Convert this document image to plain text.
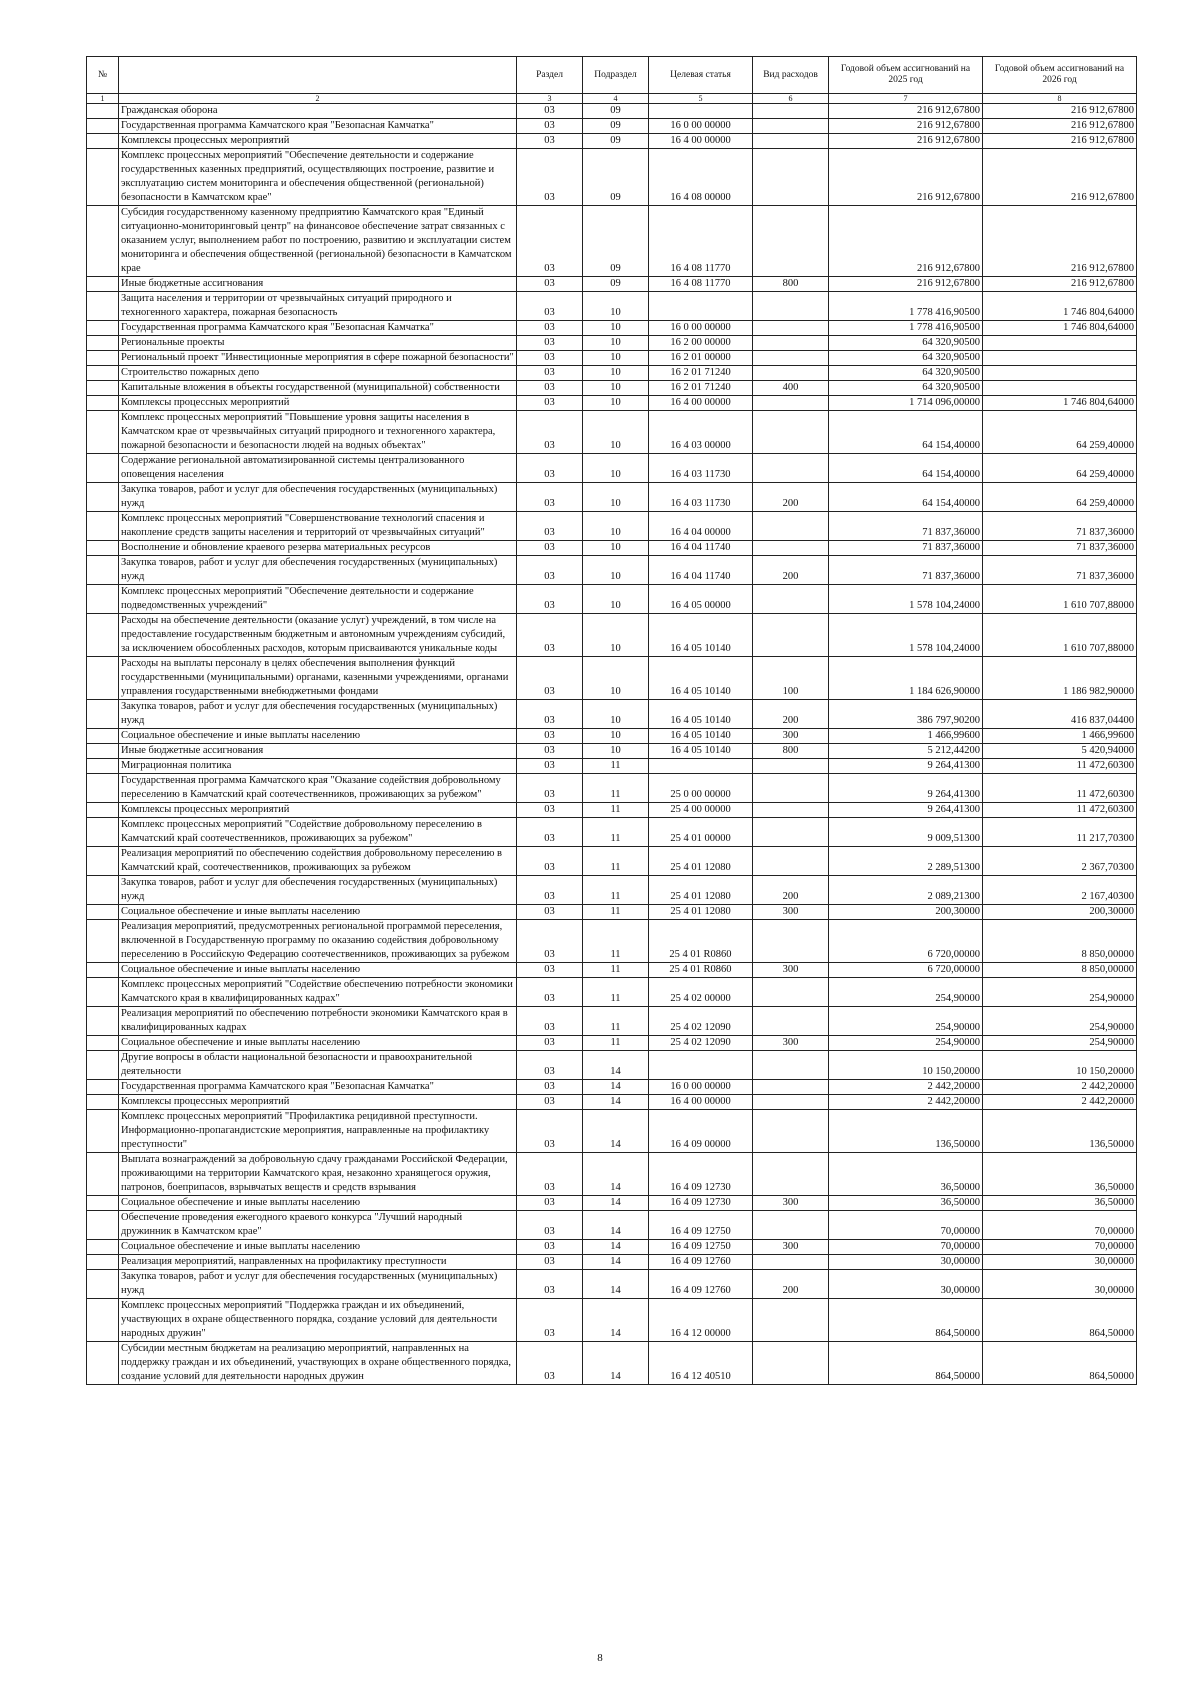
№		Раздел	Подраздел	Целевая статья	Вид расходов	Годовой объем ассигнований на 2025 год	Годовой объем ассигнований на 2026 год
1	2	3	4	5	6	7	8
	Гражданская оборона	03	09			216 912,67800	216 912,67800
	Государственная программа Камчатского края "Безопасная Камчатка"	03	09	16 0 00 00000		216 912,67800	216 912,67800
	Комплексы процессных мероприятий	03	09	16 4 00 00000		216 912,67800	216 912,67800
	Комплекс процессных мероприятий "Обеспечение деятельности и содержание государственных казенных предприятий, осуществляющих построение, развитие и эксплуатацию систем мониторинга и обеспечения общественной (региональной) безопасности в Камчатском крае"	03	09	16 4 08 00000		216 912,67800	216 912,67800
	Субсидия государственному казенному предприятию Камчатского края "Единый ситуационно-мониторинговый центр" на финансовое обеспечение затрат связанных с оказанием услуг, выполнением работ по построению, развитию и эксплуатации систем мониторинга и обеспечения общественной (региональной) безопасности в Камчатском крае	03	09	16 4 08 11770		216 912,67800	216 912,67800
	Иные бюджетные ассигнования	03	09	16 4 08 11770	800	216 912,67800	216 912,67800
	Защита населения и территории от чрезвычайных ситуаций природного и техногенного характера, пожарная безопасность	03	10			1 778 416,90500	1 746 804,64000
	Государственная программа Камчатского края "Безопасная Камчатка"	03	10	16 0 00 00000		1 778 416,90500	1 746 804,64000
	Региональные проекты	03	10	16 2 00 00000		64 320,90500	
	Региональный проект "Инвестиционные мероприятия в сфере пожарной безопасности"	03	10	16 2 01 00000		64 320,90500	
	Строительство пожарных депо	03	10	16 2 01 71240		64 320,90500	
	Капитальные вложения в объекты государственной (муниципальной) собственности	03	10	16 2 01 71240	400	64 320,90500	
	Комплексы процессных мероприятий	03	10	16 4 00 00000		1 714 096,00000	1 746 804,64000
	Комплекс процессных мероприятий "Повышение уровня защиты населения в Камчатском крае от чрезвычайных ситуаций природного и техногенного характера, пожарной безопасности и безопасности людей на водных объектах"	03	10	16 4 03 00000		64 154,40000	64 259,40000
	Содержание региональной автоматизированной системы централизованного оповещения населения	03	10	16 4 03 11730		64 154,40000	64 259,40000
	Закупка товаров, работ и услуг для обеспечения государственных (муниципальных) нужд	03	10	16 4 03 11730	200	64 154,40000	64 259,40000
	Комплекс процессных мероприятий "Совершенствование технологий спасения и накопление средств защиты населения и территорий от чрезвычайных ситуаций"	03	10	16 4 04 00000		71 837,36000	71 837,36000
	Восполнение и обновление краевого резерва материальных ресурсов	03	10	16 4 04 11740		71 837,36000	71 837,36000
	Закупка товаров, работ и услуг для обеспечения государственных (муниципальных) нужд	03	10	16 4 04 11740	200	71 837,36000	71 837,36000
	Комплекс процессных мероприятий "Обеспечение деятельности и содержание подведомственных учреждений"	03	10	16 4 05 00000		1 578 104,24000	1 610 707,88000
	Расходы на обеспечение деятельности (оказание услуг) учреждений, в том числе на предоставление государственным бюджетным и автономным учреждениям субсидий, за исключением обособленных расходов, которым присваиваются уникальные коды	03	10	16 4 05 10140		1 578 104,24000	1 610 707,88000
	Расходы на выплаты персоналу в целях обеспечения выполнения функций государственными (муниципальными) органами, казенными учреждениями, органами управления государственными внебюджетными фондами	03	10	16 4 05 10140	100	1 184 626,90000	1 186 982,90000
	Закупка товаров, работ и услуг для обеспечения государственных (муниципальных) нужд	03	10	16 4 05 10140	200	386 797,90200	416 837,04400
	Социальное обеспечение и иные выплаты населению	03	10	16 4 05 10140	300	1 466,99600	1 466,99600
	Иные бюджетные ассигнования	03	10	16 4 05 10140	800	5 212,44200	5 420,94000
	Миграционная политика	03	11			9 264,41300	11 472,60300
	Государственная программа Камчатского края "Оказание содействия добровольному переселению в Камчатский край соотечественников, проживающих за рубежом"	03	11	25 0 00 00000		9 264,41300	11 472,60300
	Комплексы процессных мероприятий	03	11	25 4 00 00000		9 264,41300	11 472,60300
	Комплекс процессных мероприятий "Содействие добровольному переселению в Камчатский край соотечественников, проживающих за рубежом"	03	11	25 4 01 00000		9 009,51300	11 217,70300
	Реализация мероприятий по обеспечению содействия добровольному переселению в Камчатский край, соотечественников, проживающих за рубежом	03	11	25 4 01 12080		2 289,51300	2 367,70300
	Закупка товаров, работ и услуг для обеспечения государственных (муниципальных) нужд	03	11	25 4 01 12080	200	2 089,21300	2 167,40300
	Социальное обеспечение и иные выплаты населению	03	11	25 4 01 12080	300	200,30000	200,30000
	Реализация мероприятий, предусмотренных региональной программой переселения, включенной в Государственную программу по оказанию содействия добровольному переселению в Российскую Федерацию соотечественников, проживающих за рубежом	03	11	25 4 01 R0860		6 720,00000	8 850,00000
	Социальное обеспечение и иные выплаты населению	03	11	25 4 01 R0860	300	6 720,00000	8 850,00000
	Комплекс процессных мероприятий "Содействие обеспечению потребности экономики Камчатского края в квалифицированных кадрах"	03	11	25 4 02 00000		254,90000	254,90000
	Реализация мероприятий по обеспечению потребности экономики Камчатского края в квалифицированных кадрах	03	11	25 4 02 12090		254,90000	254,90000
	Социальное обеспечение и иные выплаты населению	03	11	25 4 02 12090	300	254,90000	254,90000
	Другие вопросы в области национальной безопасности и правоохранительной деятельности	03	14			10 150,20000	10 150,20000
	Государственная программа Камчатского края "Безопасная Камчатка"	03	14	16 0 00 00000		2 442,20000	2 442,20000
	Комплексы процессных мероприятий	03	14	16 4 00 00000		2 442,20000	2 442,20000
	Комплекс процессных мероприятий "Профилактика рецидивной преступности. Информационно-пропагандистские мероприятия, направленные на профилактику преступности"	03	14	16 4 09 00000		136,50000	136,50000
	Выплата вознаграждений за добровольную сдачу гражданами Российской Федерации, проживающими на территории Камчатского края, незаконно хранящегося оружия, патронов, боеприпасов, взрывчатых веществ и средств взрывания	03	14	16 4 09 12730		36,50000	36,50000
	Социальное обеспечение и иные выплаты населению	03	14	16 4 09 12730	300	36,50000	36,50000
	Обеспечение проведения ежегодного краевого конкурса "Лучший народный дружинник в Камчатском крае"	03	14	16 4 09 12750		70,00000	70,00000
	Социальное обеспечение и иные выплаты населению	03	14	16 4 09 12750	300	70,00000	70,00000
	Реализация мероприятий, направленных на профилактику преступности	03	14	16 4 09 12760		30,00000	30,00000
	Закупка товаров, работ и услуг для обеспечения государственных (муниципальных) нужд	03	14	16 4 09 12760	200	30,00000	30,00000
	Комплекс процессных мероприятий "Поддержка граждан и их объединений, участвующих в охране общественного порядка, создание условий для деятельности народных дружин"	03	14	16 4 12 00000		864,50000	864,50000
	Субсидии местным бюджетам на реализацию мероприятий, направленных на поддержку граждан и их объединений, участвующих в охране общественного порядка, создание условий для деятельности народных дружин	03	14	16 4 12 40510		864,50000	864,50000
8
